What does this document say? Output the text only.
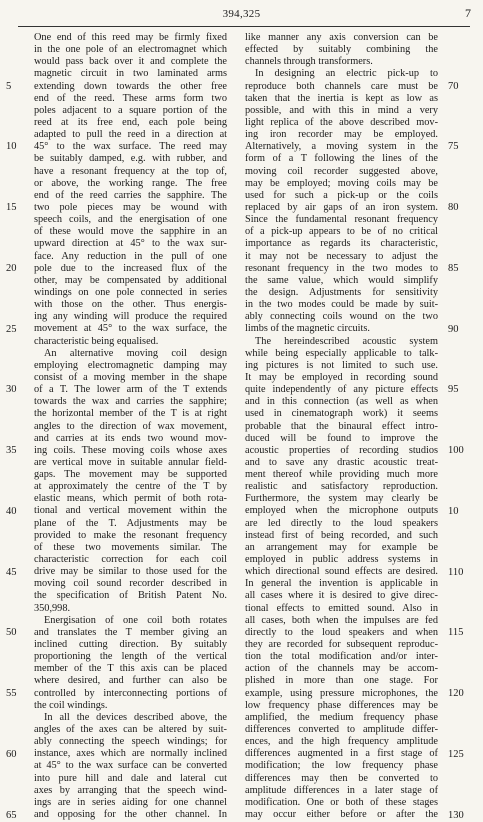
394,325	7
One end of this reed may be firmly fixed
in the one pole of an electromagnet which
would pass back over it and complete the
magnetic circuit in two laminated arms
extending down towards the other free
end of the reed. These arms form two
poles adjacent to a square portion of the
reed at its free end, each pole being
adapted to pull the reed in a direction at
45° to the wax surface. The reed may
be suitably damped, e.g. with rubber, and
have a resonant frequency at the top of,
or above, the working range. The free
end of the reed carries the sapphire. The
two pole pieces may be wound with
speech coils, and the energisation of one
of these would move the sapphire in an
upward direction at 45° to the wax sur-
face. Any reduction in the pull of one
pole due to the increased flux of the
other, may be compensated by additional
windings on one pole connected in series
with those on the other. Thus energis-
ing any winding will produce the required
movement at 45° to the wax surface, the
characteristic being equalised.
An alternative moving coil design
employing electromagnetic damping may
consist of a moving member in the shape
of a T. The lower arm of the T extends
towards the wax and carries the sapphire;
the horizontal member of the T is at right
angles to the direction of wax movement,
and carries at its ends two wound mov-
ing coils. These moving coils whose axes
are vertical move in suitable annular field-
gaps. The movement may be supported
at approximately the centre of the T by
elastic means, which permit of both rota-
tional and vertical movement within the
plane of the T. Adjustments may be
provided to make the resonant frequency
of these two movements similar. The
characteristic correction for each coil
drive may be similar to those used for the
moving coil sound recorder described in
the specification of British Patent No.
350,998.
Energisation of one coil both rotates
and translates the T member giving an
inclined cutting direction. By suitably
proportioning the length of the vertical
member of the T this axis can be placed
where desired, and further can also be
controlled by interconnecting portions of
the coil windings.
In all the devices described above, the
angles of the axes can be altered by suit-
ably connecting the speech windings; for
instance, axes which are normally inclined
at 45° to the wax surface can be converted
into pure hill and dale and lateral cut
axes by arranging that the speech wind-
ings are in series aiding for one channel
and opposing for the other channel. In
like manner any axis conversion can be
effected by suitably combining the
channels through transformers.
In designing an electric pick-up to
reproduce both channels care must be
taken that the inertia is kept as low as
possible, and with this in mind a very
light replica of the above described mov-
ing iron recorder may be employed.
Alternatively, a moving system in the
form of a T following the lines of the
moving coil recorder suggested above,
may be employed; moving coils may be
used for such a pick-up or the coils
replaced by air gaps of an iron system.
Since the fundamental resonant frequency
of a pick-up appears to be of no critical
importance as regards its characteristic,
it may not be necessary to adjust the
resonant frequency in the two modes to
the same value, which would simplify
the design. Adjustments for sensitivity
in the two modes could be made by suit-
ably connecting coils wound on the two
limbs of the magnetic circuits.
The hereindescribed acoustic system
while being especially applicable to talk-
ing pictures is not limited to such use.
It may be employed in recording sound
quite independently of any picture effects
and in this connection (as well as when
used in cinematograph work) it seems
probable that the binaural effect intro-
duced will be found to improve the
acoustic properties of recording studios
and to save any drastic acoustic treat-
ment thereof while providing much more
realistic and satisfactory reproduction.
Furthermore, the system may clearly be
employed when the microphone outputs
are led directly to the loud speakers
instead first of being recorded, and such
an arrangement may for example be
employed in public address systems in
which directional sound effects are desired.
In general the invention is applicable in
all cases where it is desired to give direc-
tional effects to emitted sound. Also in
all cases, both when the impulses are fed
directly to the loud speakers and when
they are recorded for subsequent reproduc-
tion the total modification and/or inter-
action of the channels may be accom-
plished in more than one stage. For
example, using pressure microphones, the
low frequency phase differences may be
amplified, the medium frequency phase
differences converted to amplitude differ-
ences, and the high frequency amplitude
differences augmented in a first stage of
modification; the low frequency phase
differences may then be converted to
amplitude differences in a later stage of
modification. One or both of these stages
may occur either before or after the
5
10
15
20
25
30
35
40
45
50
55
60
65
70
75
80
85
90
95
100
10
110
115
120
125
130
